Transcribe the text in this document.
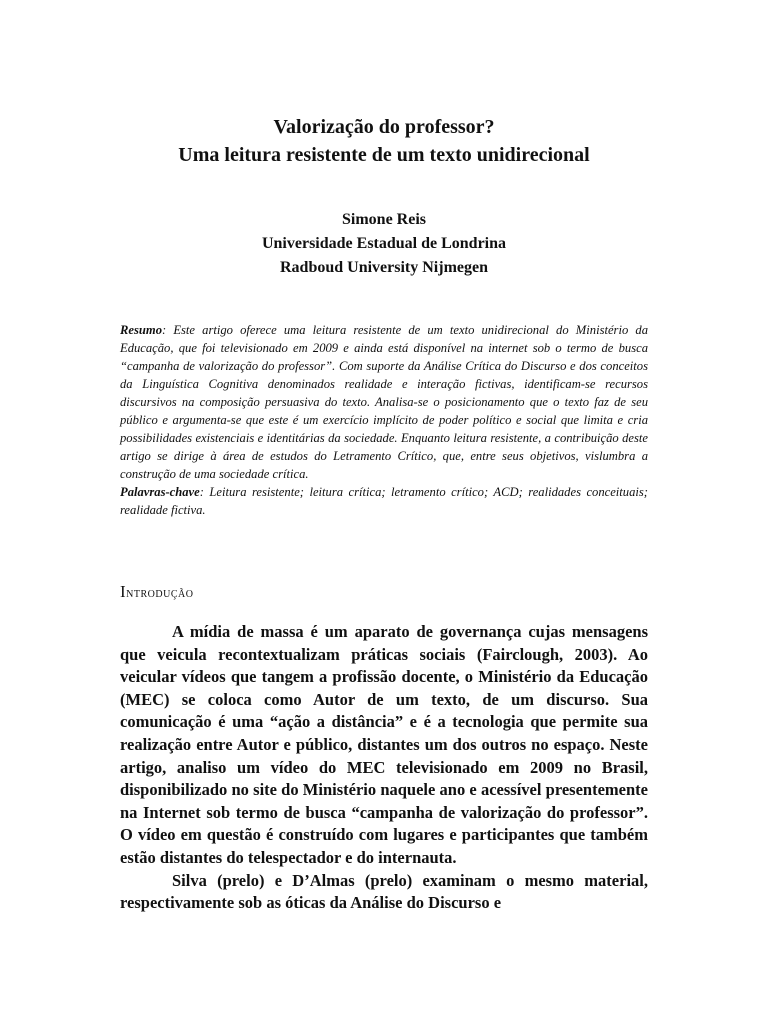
Valorização do professor?
Uma leitura resistente de um texto unidirecional
Simone Reis
Universidade Estadual de Londrina
Radboud University Nijmegen

Resumo: Este artigo oferece uma leitura resistente de um texto unidirecional do Ministério da Educação, que foi televisionado em 2009 e ainda está disponível na internet sob o termo de busca “campanha de valorização do professor”. Com suporte da Análise Crítica do Discurso e dos conceitos da Linguística Cognitiva denominados realidade e interação fictivas, identificam-se recursos discursivos na composição persuasiva do texto. Analisa-se o posicionamento que o texto faz de seu público e argumenta-se que este é um exercício implícito de poder político e social que limita e cria possibilidades existenciais e identitárias da sociedade. Enquanto leitura resistente, a contribuição deste artigo se dirige à área de estudos do Letramento Crítico, que, entre seus objetivos, vislumbra a construção de uma sociedade crítica.

Palavras-chave: Leitura resistente; leitura crítica; letramento crítico; ACD; realidades conceituais; realidade fictiva.

Introdução

A mídia de massa é um aparato de governança cujas mensagens que veicula recontextualizam práticas sociais (Fairclough, 2003). Ao veicular vídeos que tangem a profissão docente, o Ministério da Educação (MEC) se coloca como Autor de um texto, de um discurso. Sua comunicação é uma “ação a distância” e é a tecnologia que permite sua realização entre Autor e público, distantes um dos outros no espaço. Neste artigo, analiso um vídeo do MEC televisionado em 2009 no Brasil, disponibilizado no site do Ministério naquele ano e acessível presentemente na Internet sob termo de busca “campanha de valorização do professor”. O vídeo em questão é construído com lugares e participantes que também estão distantes do telespectador e do internauta.

Silva (prelo) e D’Almas (prelo) examinam o mesmo material, respectivamente sob as óticas da Análise do Discurso e
